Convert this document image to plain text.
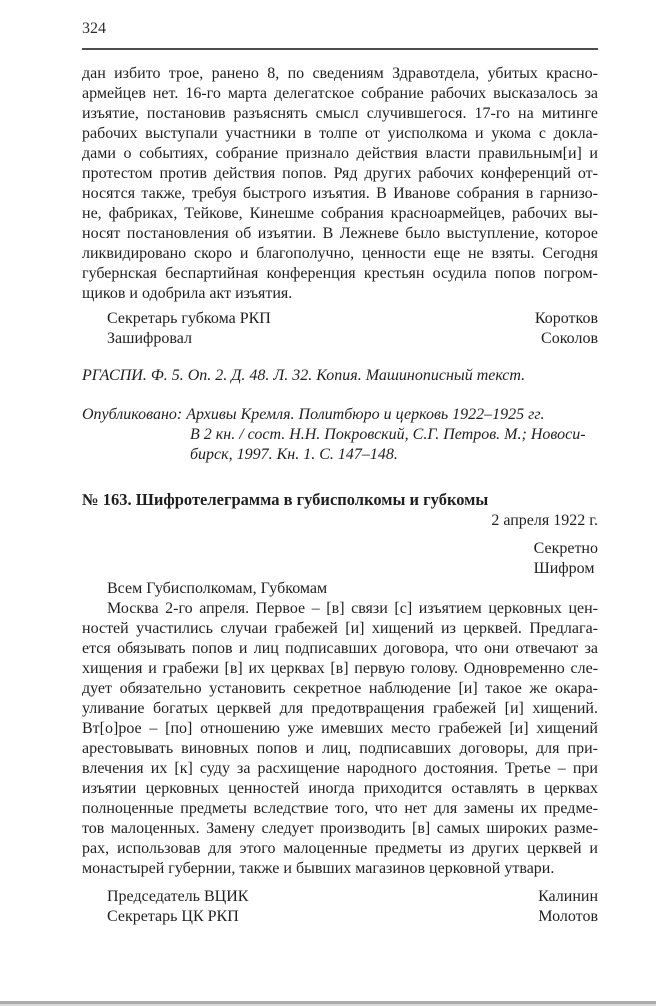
324
дан избито трое, ранено 8, по сведениям Здравотдела, убитых красно-
армейцев нет. 16-го марта делегатское собрание рабочих высказалось за
изъятие, постановив разъяснять смысл случившегося. 17-го на митинге
рабочих выступали участники в толпе от уисполкома и укома с докла-
дами о событиях, собрание признало действия власти правильным[и] и
протестом против действия попов. Ряд других рабочих конференций от-
носятся также, требуя быстрого изъятия. В Иванове собрания в гарнизо-
не, фабриках, Тейкове, Кинешме собрания красноармейцев, рабочих вы-
носят постановления об изъятии. В Лежневе было выступление, которое
ликвидировано скоро и благополучно, ценности еще не взяты. Сегодня
губернская беспартийная конференция крестьян осудила попов погром-
щиков и одобрила акт изъятия.
Секретарь губкома РКП	Коротков
Зашифровал	Соколов
РГАСПИ. Ф. 5. Оп. 2. Д. 48. Л. 32. Копия. Машинописный текст.
Опубликовано: Архивы Кремля. Политбюро и церковь 1922–1925 гг.
В 2 кн. / сост. Н.Н. Покровский, С.Г. Петров. М.; Новоси-
бирск, 1997. Кн. 1. С. 147–148.
№ 163. Шифротелеграмма в губисполкомы и губкомы
2 апреля 1922 г.
Секретно
Шифром
Всем Губисполкомам, Губкомам
Москва 2-го апреля. Первое – [в] связи [с] изъятием церковных цен-
ностей участились случаи грабежей [и] хищений из церквей. Предлага-
ется обязывать попов и лиц подписавших договора, что они отвечают за
хищения и грабежи [в] их церквах [в] первую голову. Одновременно сле-
дует обязательно установить секретное наблюдение [и] такое же окара-
уливание богатых церквей для предотвращения грабежей [и] хищений.
Вт[о]рое – [по] отношению уже имевших место грабежей [и] хищений
арестовывать виновных попов и лиц, подписавших договоры, для при-
влечения их [к] суду за расхищение народного достояния. Третье – при
изъятии церковных ценностей иногда приходится оставлять в церквах
полноценные предметы вследствие того, что нет для замены их предме-
тов малоценных. Замену следует производить [в] самых широких разме-
рах, использовав для этого малоценные предметы из других церквей и
монастырей губернии, также и бывших магазинов церковной утвари.
Председатель ВЦИК	Калинин
Секретарь ЦК РКП	Молотов
